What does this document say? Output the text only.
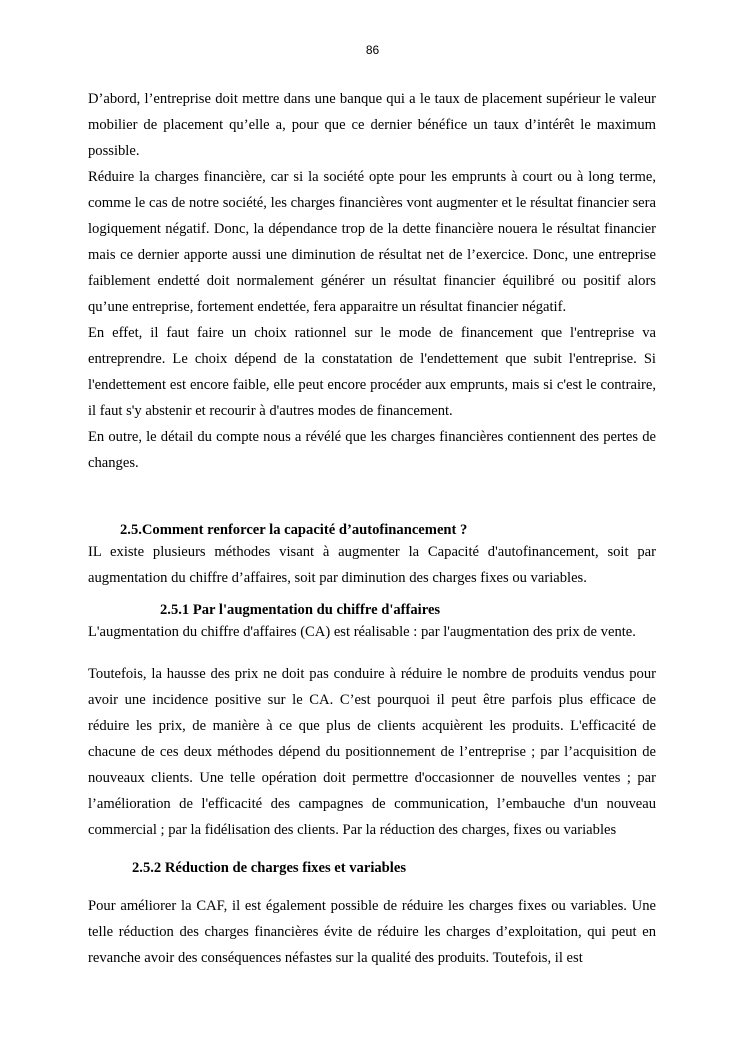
86

D’abord, l’entreprise doit mettre dans une banque qui a le taux de placement supérieur le valeur mobilier de placement qu’elle a, pour que ce dernier bénéfice un taux d’intérêt le maximum possible.

Réduire la charges financière, car si la société opte pour les emprunts à court ou à long terme, comme le cas de notre société, les charges financières vont augmenter et le résultat financier sera logiquement négatif. Donc, la dépendance trop de la dette financière nouera le résultat financier mais ce dernier apporte aussi une diminution de résultat net de l’exercice. Donc, une entreprise faiblement endetté doit normalement générer un résultat financier équilibré ou positif alors qu’une entreprise, fortement endettée, fera apparaitre un résultat financier négatif.

En effet, il faut faire un choix rationnel sur le mode de financement que l'entreprise va entreprendre. Le choix dépend de la constatation de l'endettement que subit l'entreprise. Si l'endettement est encore faible, elle peut encore procéder aux emprunts, mais si c'est le contraire, il faut s'y abstenir et recourir à d'autres modes de financement.

En outre, le détail du compte nous a révélé que les charges financières contiennent des pertes de changes.

2.5.Comment renforcer la capacité d’autofinancement ?

IL existe plusieurs méthodes visant à augmenter la Capacité d'autofinancement, soit par augmentation du chiffre d’affaires, soit par diminution des charges fixes ou variables.

2.5.1 Par l'augmentation du chiffre d'affaires

L'augmentation du chiffre d'affaires (CA) est réalisable : par l'augmentation des prix de vente.

Toutefois, la hausse des prix ne doit pas conduire à réduire le nombre de produits vendus pour avoir une incidence positive sur le CA. C’est pourquoi il peut être parfois plus efficace de réduire les prix, de manière à ce que plus de clients acquièrent les produits. L'efficacité de chacune de ces deux méthodes dépend du positionnement de l’entreprise ; par l’acquisition de nouveaux clients. Une telle opération doit permettre d'occasionner de nouvelles ventes ; par l’amélioration de l'efficacité des campagnes de communication, l’embauche d'un nouveau commercial ; par la fidélisation des clients. Par la réduction des charges, fixes ou variables

2.5.2 Réduction de charges fixes et variables

Pour améliorer la CAF, il est également possible de réduire les charges fixes ou variables. Une telle réduction des charges financières évite de réduire les charges d’exploitation, qui peut en revanche avoir des conséquences néfastes sur la qualité des produits. Toutefois, il est
